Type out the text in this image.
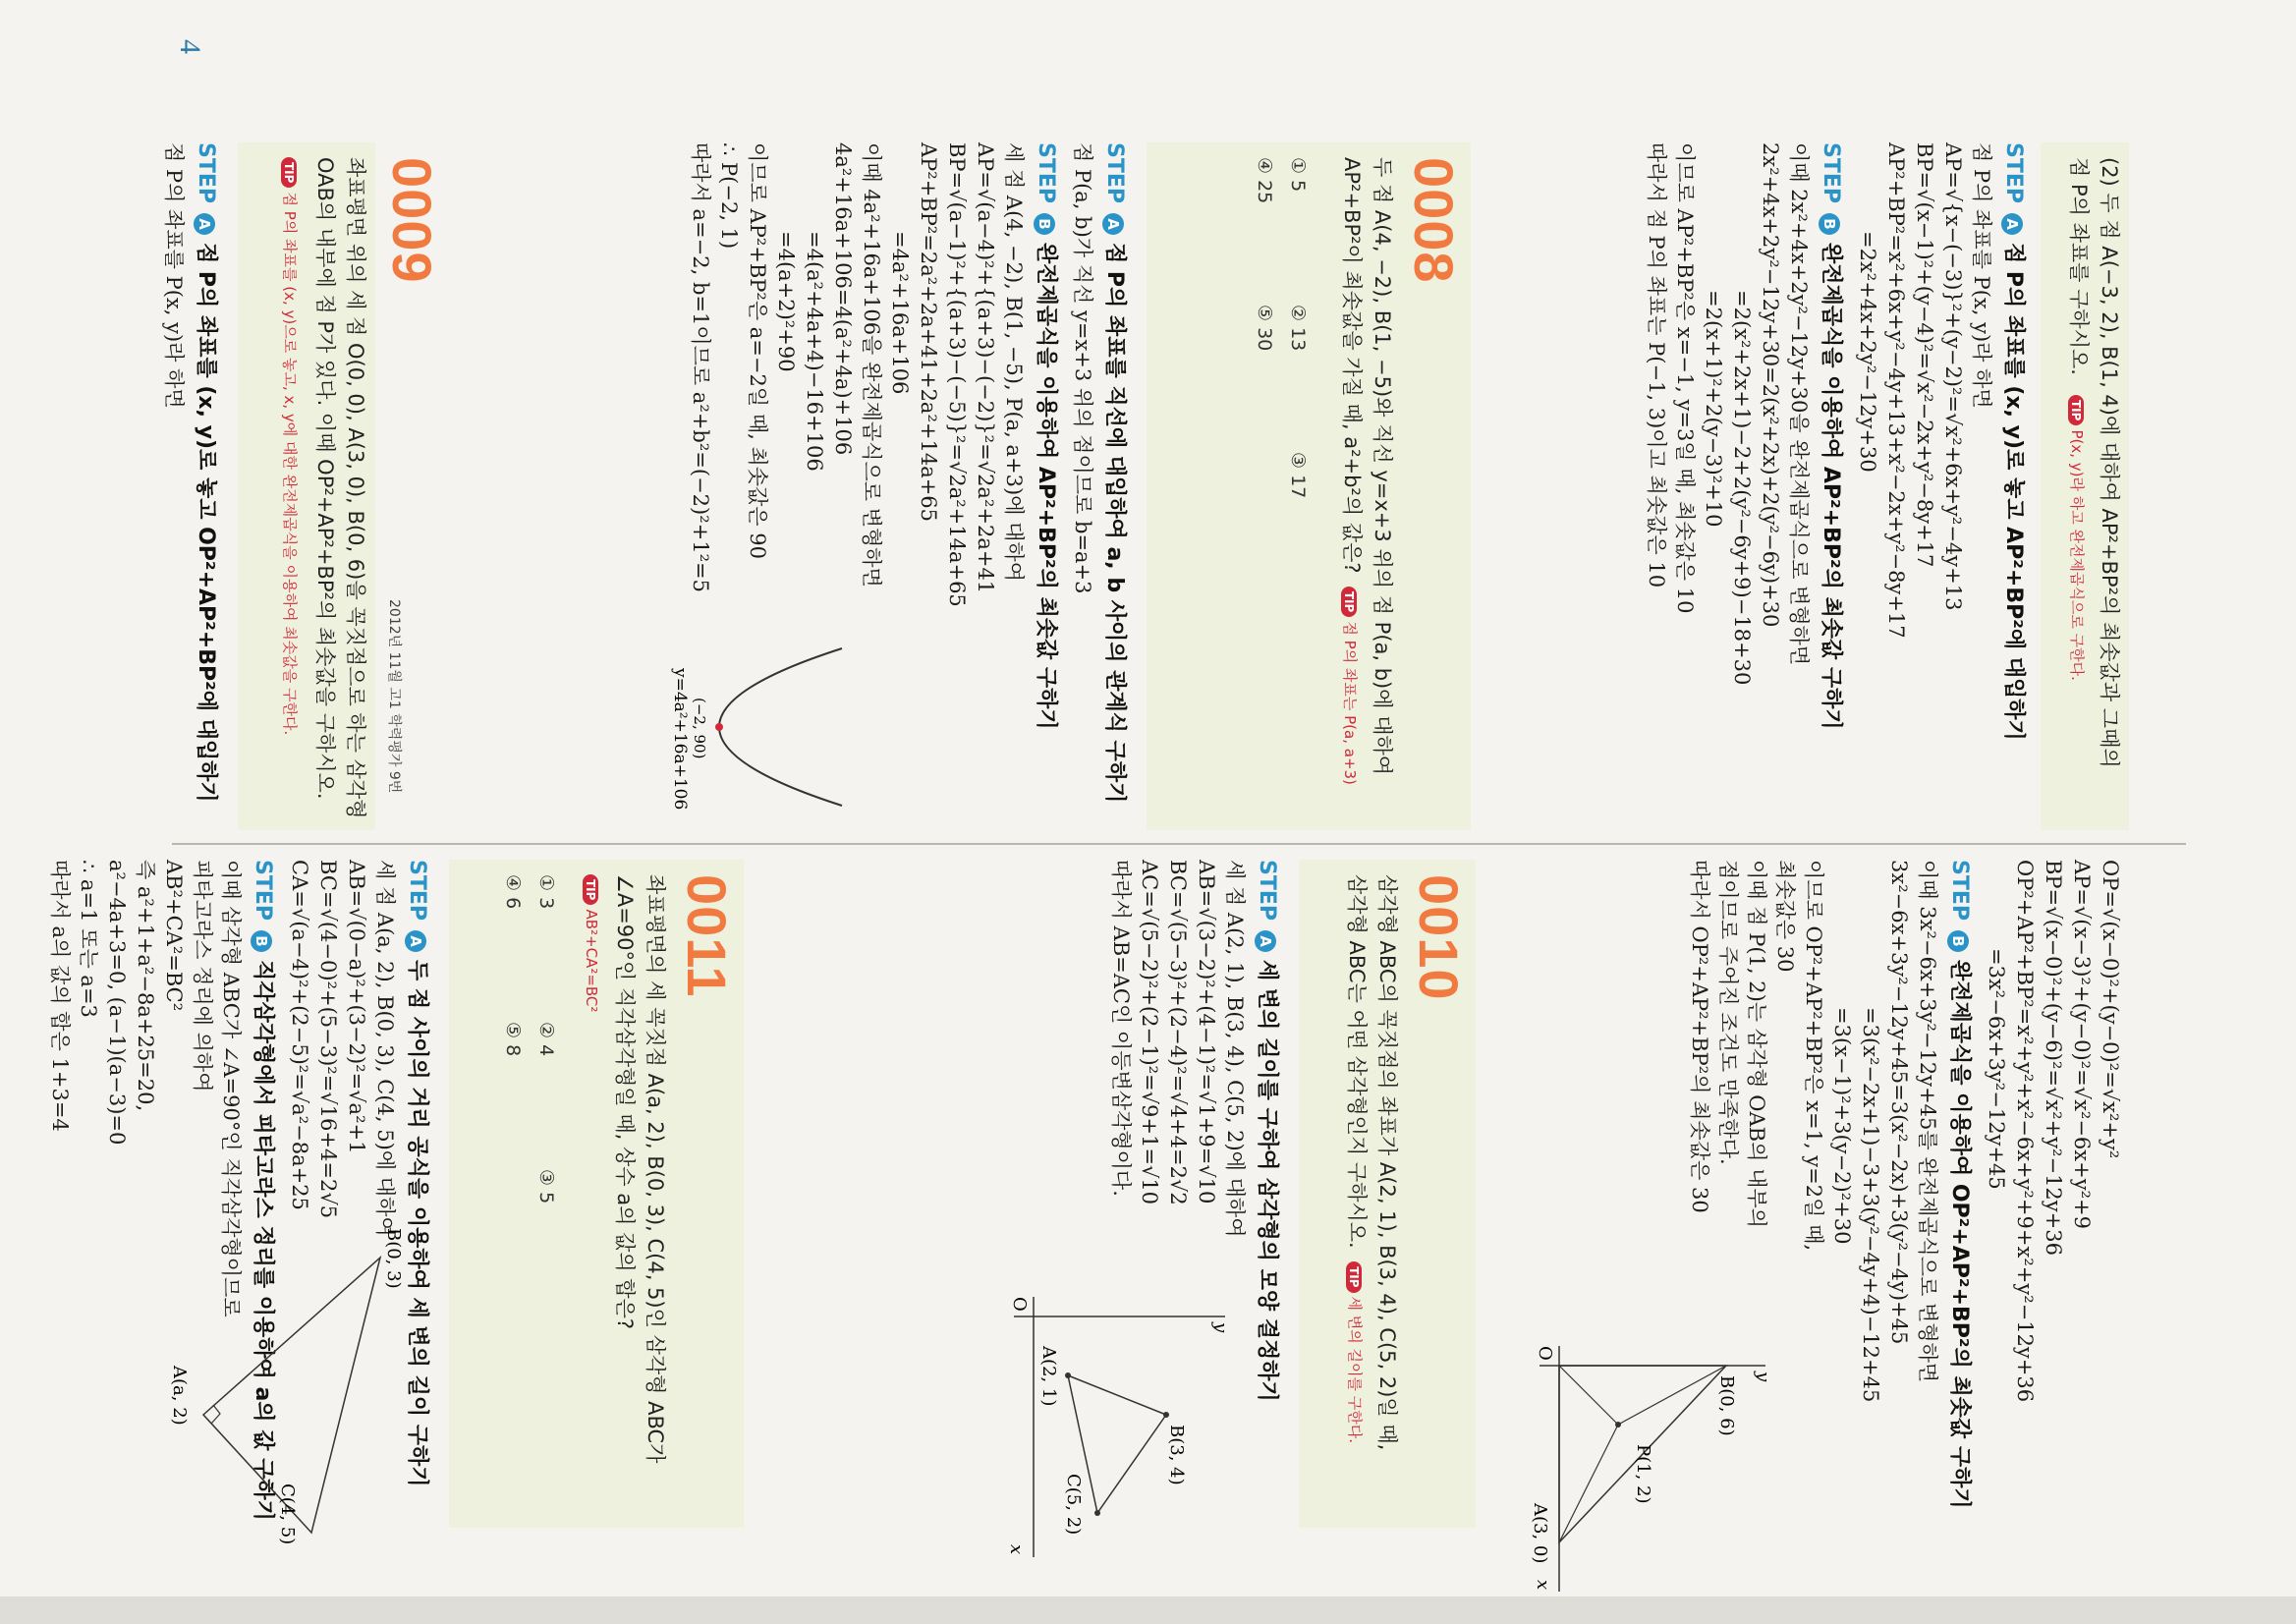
4
(2) 두 점 A(−3, 2), B(1, 4)에 대하여 AP²+BP²의 최솟값과 그때의
점 P의 좌표를 구하시오.   TIPP(x, y)라 하고 완전제곱식으로 구한다.
STEPA점 P의 좌표를 (x, y)로 놓고 AP²+BP²에 대입하기
점 P의 좌표를 P(x, y)라 하면
AP=√{x−(−3)}²+(y−2)²=√x²+6x+y²−4y+13
BP=√(x−1)²+(y−4)²=√x²−2x+y²−8y+17
AP²+BP²=x²+6x+y²−4y+13+x²−2x+y²−8y+17
=2x²+4x+2y²−12y+30
STEPB완전제곱식을 이용하여 AP²+BP²의 최솟값 구하기
이때 2x²+4x+2y²−12y+30을 완전제곱식으로 변형하면
2x²+4x+2y²−12y+30=2(x²+2x)+2(y²−6y)+30
=2(x²+2x+1)−2+2(y²−6y+9)−18+30
=2(x+1)²+2(y−3)²+10
이므로 AP²+BP²은 x=−1, y=3일 때, 최솟값은 10
따라서 점 P의 좌표는 P(−1, 3)이고 최솟값은 10
0008
두 점 A(4, −2), B(1, −5)와 직선 y=x+3 위의 점 P(a, b)에 대하여
AP²+BP²이 최솟값을 가질 때, a²+b²의 값은?  TIP점 P의 좌표는 P(a, a+3)
① 5② 13③ 17
④ 25⑤ 30
STEPA점 P의 좌표를 직선에 대입하여 a, b 사이의 관계식 구하기
점 P(a, b)가 직선 y=x+3 위의 점이므로 b=a+3
STEPB완전제곱식을 이용하여 AP²+BP²의 최솟값 구하기
세 점 A(4, −2), B(1, −5), P(a, a+3)에 대하여
AP=√(a−4)²+{(a+3)−(−2)}²=√2a²+2a+41
BP=√(a−1)²+{(a+3)−(−5)}²=√2a²+14a+65
AP²+BP²=2a²+2a+41+2a²+14a+65
=4a²+16a+106
이때 4a²+16a+106을 완전제곱식으로 변형하면
4a²+16a+106=4(a²+4a)+106
=4(a²+4a+4)−16+106
=4(a+2)²+90
이므로 AP²+BP²은 a=−2일 때, 최솟값은 90
∴ P(−2, 1)
따라서 a=−2, b=1이므로 a²+b²=(−2)²+1²=5
y=4a²+16a+106 (−2, 90)
0009
좌표평면 위의 세 점 O(0, 0), A(3, 0), B(0, 6)을 꼭짓점으로 하는 삼각형
OAB의 내부에 점 P가 있다. 이때 OP²+AP²+BP²의 최솟값을 구하시오.
TIP점 P의 좌표를 (x, y)으로 놓고, x, y에 대한 완전제곱식을 이용하여 최솟값을 구한다.	2012년 11월 고1 학력평가 9번
STEPA점 P의 좌표를 (x, y)로 놓고 OP²+AP²+BP²에 대입하기
점 P의 좌표를 P(x, y)라 하면
OP=√(x−0)²+(y−0)²=√x²+y²
AP=√(x−3)²+(y−0)²=√x²−6x+y²+9
BP=√(x−0)²+(y−6)²=√x²+y²−12y+36
OP²+AP²+BP²=x²+y²+x²−6x+y²+9+x²+y²−12y+36
=3x²−6x+3y²−12y+45
STEPB완전제곱식을 이용하여 OP²+AP²+BP²의 최솟값 구하기
이때 3x²−6x+3y²−12y+45를 완전제곱식으로 변형하면
3x²−6x+3y²−12y+45=3(x²−2x)+3(y²−4y)+45
=3(x²−2x+1)−3+3(y²−4y+4)−12+45
=3(x−1)²+3(y−2)²+30
이므로 OP²+AP²+BP²은 x=1, y=2일 때,
최솟값은 30
이때 점 P(1, 2)는 삼각형 OAB의 내부의
점이므로 주어진 조건도 만족한다.
따라서 OP²+AP²+BP²의 최솟값은 30
y
x
O
B(0, 6)
A(3, 0)
P(1, 2)
0010
삼각형 ABC의 꼭짓점의 좌표가 A(2, 1), B(3, 4), C(5, 2)일 때,
삼각형 ABC는 어떤 삼각형인지 구하시오.  TIP세 변의 길이를 구한다.
STEPA세 변의 길이를 구하여 삼각형의 모양 결정하기
세 점 A(2, 1), B(3, 4), C(5, 2)에 대하여
AB=√(3−2)²+(4−1)²=√1+9=√10
BC=√(5−3)²+(2−4)²=√4+4=2√2
AC=√(5−2)²+(2−1)²=√9+1=√10
따라서 AB=AC인 이등변삼각형이다.
y
x
O
A(2, 1)
B(3, 4)
C(5, 2)
0011
좌표평면의 세 꼭짓점 A(a, 2), B(0, 3), C(4, 5)인 삼각형 ABC가
∠A=90°인 직각삼각형일 때, 상수 a의 값의 합은?
TIPAB²+CA²=BC²
① 3② 4③ 5
④ 6⑤ 8
STEPA두 점 사이의 거리 공식을 이용하여 세 변의 길이 구하기
세 점 A(a, 2), B(0, 3), C(4, 5)에 대하여
AB=√(0−a)²+(3−2)²=√a²+1
BC=√(4−0)²+(5−3)²=√16+4=2√5
CA=√(a−4)²+(2−5)²=√a²−8a+25
STEPB직각삼각형에서 피타고라스 정리를 이용하여 a의 값 구하기
이때 삼각형 ABC가 ∠A=90°인 직각삼각형이므로
피타고라스 정리에 의하여
AB²+CA²=BC²
즉 a²+1+a²−8a+25=20,
a²−4a+3=0, (a−1)(a−3)=0
∴ a=1 또는 a=3
따라서 a의 값의 합은 1+3=4
B(0, 3)
C(4, 5)
A(a, 2)
